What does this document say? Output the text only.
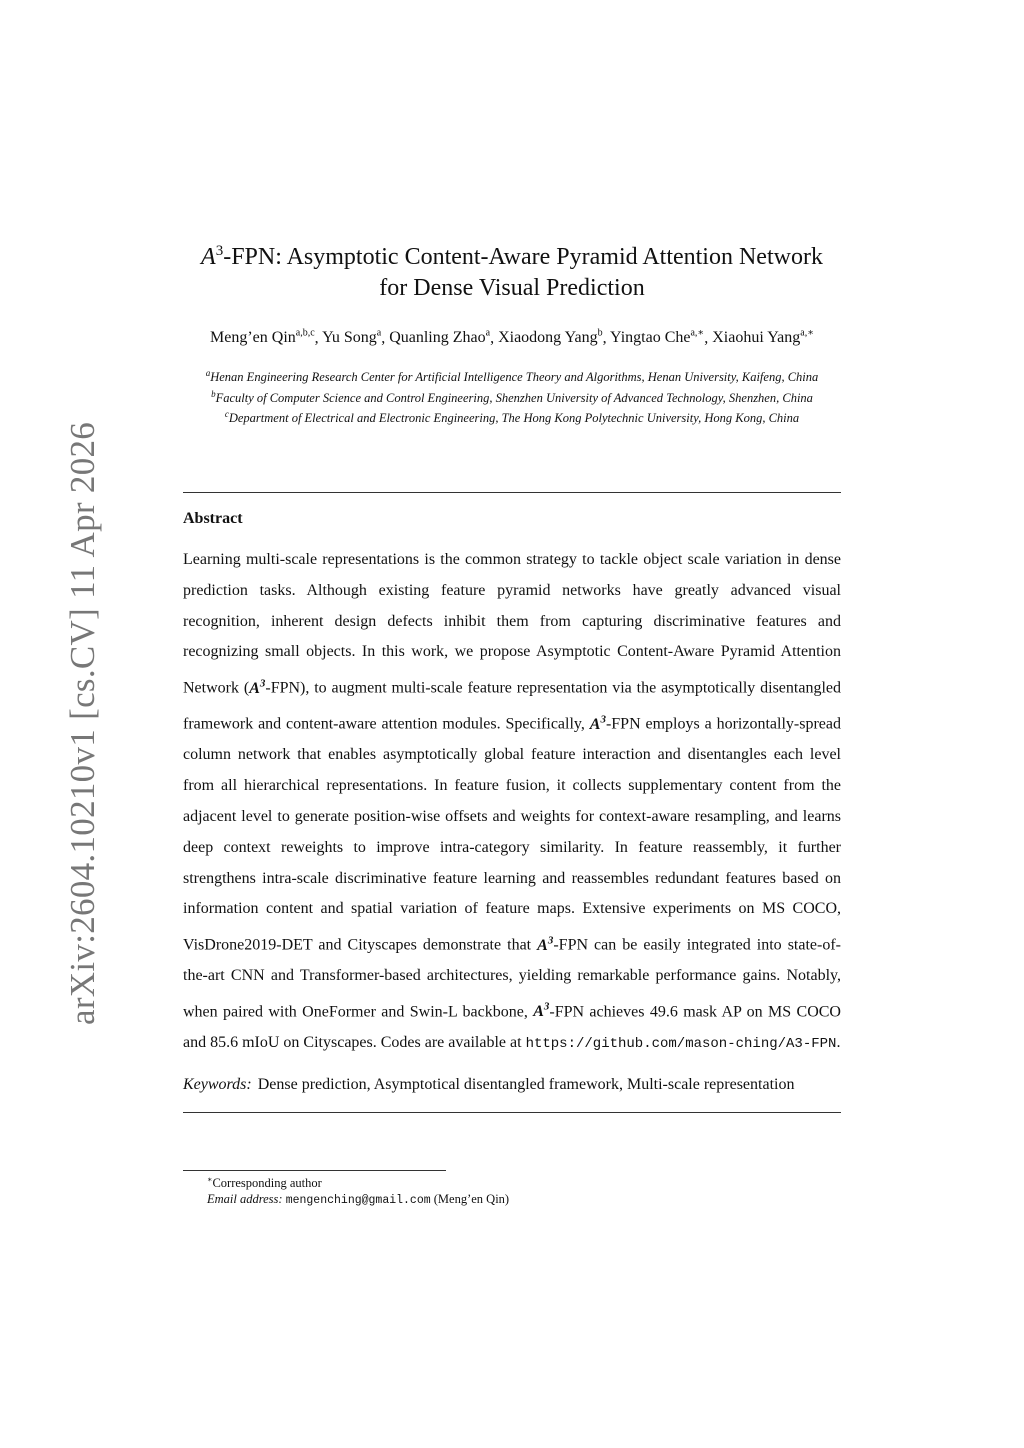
arXiv:2604.10210v1 [cs.CV] 11 Apr 2026
$A^3$-FPN: Asymptotic Content-Aware Pyramid Attention Network
for Dense Visual Prediction
Meng’en Qin$^{a,b,c}$, Yu Song$^a$, Quanling Zhao$^a$, Xiaodong Yang$^b$, Yingtao Che$^{a,∗}$, Xiaohui Yang$^{a,∗}$
$^a$Henan Engineering Research Center for Artificial Intelligence Theory and Algorithms, Henan University, Kaifeng, China
$^b$Faculty of Computer Science and Control Engineering, Shenzhen University of Advanced Technology, Shenzhen, China
$^c$Department of Electrical and Electronic Engineering, The Hong Kong Polytechnic University, Hong Kong, China
Abstract
Learning multi-scale representations is the common strategy to tackle object scale variation in dense prediction tasks. Although existing feature pyramid networks have greatly advanced visual recognition, inherent design defects inhibit them from capturing discriminative features and recognizing small objects. In this work, we propose Asymptotic Content-Aware Pyramid Attention Network $(A^3-FPN)$, to augment multi-scale feature representation via the asymptotically disentangled framework and content-aware attention modules. Specifically, $A^3$-FPN employs a horizontally-spread column network that enables asymptotically global feature interaction and disentangles each level from all hierarchical representations. In feature fusion, it collects supplementary content from the adjacent level to generate position-wise offsets and weights for context-aware resampling, and learns deep context reweights to improve intra-category similarity. In feature reassembly, it further strengthens intra-scale discriminative feature learning and reassembles redundant features based on information content and spatial variation of feature maps. Extensive experiments on MS COCO, VisDrone2019-DET and Cityscapes demonstrate that $A^3$-FPN can be easily integrated into state-of-the-art CNN and Transformer-based architectures, yielding remarkable performance gains. Notably, when paired with OneFormer and Swin-L backbone, $A^3$-FPN achieves 49.6 mask AP on MS COCO and 85.6 mIoU on Cityscapes. Codes are available at https://github.com/mason-ching/A3-FPN.
Keywords: Dense prediction, Asymptotical disentangled framework, Multi-scale representation
∗Corresponding author
Email address: mengenching@gmail.com (Meng’en Qin)
